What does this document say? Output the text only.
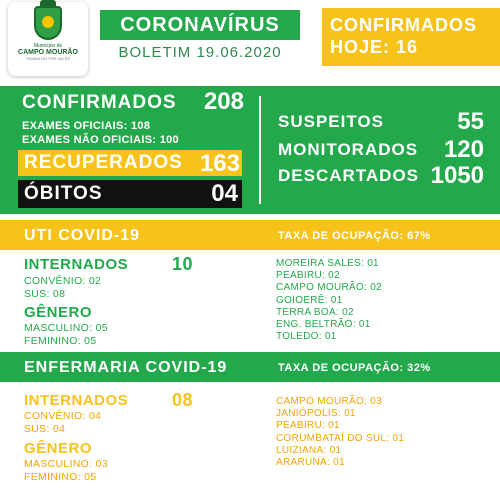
Município de
CAMPO MOURÃO
TRABALHO PRA VALER
CORONAVÍRUS
BOLETIM 19.06.2020
CONFIRMADOS
HOJE: 16
CONFIRMADOS	208
EXAMES OFICIAIS: 108
EXAMES NÃO OFICIAIS: 100
RECUPERADOS 163
ÓBITOS	04
SUSPEITOS	55
MONITORADOS	120
DESCARTADOS 1050
UTI COVID-19	TAXA DE OCUPAÇÃO: 67%
INTERNADOS 10
CONVÊNIO: 02
SUS: 08
GÊNERO
MASCULINO: 05
FEMININO: 05
MOREIRA SALES: 01
PEABIRU: 02
CAMPO MOURÃO: 02
GOIOERÊ: 01
TERRA BOA: 02
ENG. BELTRÃO: 01
TOLEDO: 01
ENFERMARIA COVID-19	TAXA DE OCUPAÇÃO: 32%
INTERNADOS 08
CONVÊNIO: 04
SUS: 04
GÊNERO
MASCULINO: 03
FEMININO: 05
CAMPO MOURÃO: 03
JANIÓPOLIS: 01
PEABIRU: 01
CORUMBATAÍ DO SUL: 01
LUIZIANA: 01
ARARUNA: 01
